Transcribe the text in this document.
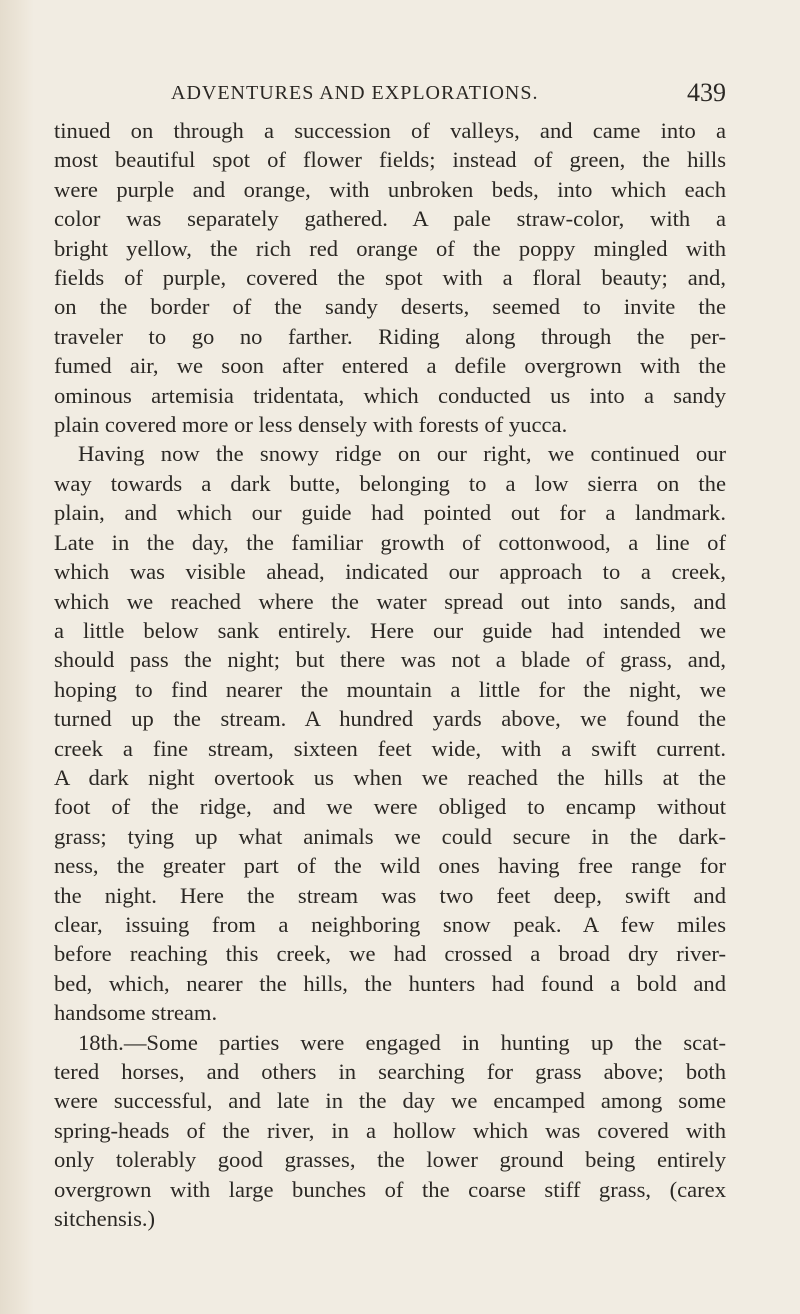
ADVENTURES AND EXPLORATIONS.	439
tinued on through a succession of valleys, and came into a
most beautiful spot of flower fields; instead of green, the hills
were purple and orange, with unbroken beds, into which each
color was separately gathered. A pale straw-color, with a
bright yellow, the rich red orange of the poppy mingled with
fields of purple, covered the spot with a floral beauty; and,
on the border of the sandy deserts, seemed to invite the
traveler to go no farther. Riding along through the per-
fumed air, we soon after entered a defile overgrown with the
ominous artemisia tridentata, which conducted us into a sandy
plain covered more or less densely with forests of yucca.
Having now the snowy ridge on our right, we continued our
way towards a dark butte, belonging to a low sierra on the
plain, and which our guide had pointed out for a landmark.
Late in the day, the familiar growth of cottonwood, a line of
which was visible ahead, indicated our approach to a creek,
which we reached where the water spread out into sands, and
a little below sank entirely. Here our guide had intended we
should pass the night; but there was not a blade of grass, and,
hoping to find nearer the mountain a little for the night, we
turned up the stream. A hundred yards above, we found the
creek a fine stream, sixteen feet wide, with a swift current.
A dark night overtook us when we reached the hills at the
foot of the ridge, and we were obliged to encamp without
grass; tying up what animals we could secure in the dark-
ness, the greater part of the wild ones having free range for
the night. Here the stream was two feet deep, swift and
clear, issuing from a neighboring snow peak. A few miles
before reaching this creek, we had crossed a broad dry river-
bed, which, nearer the hills, the hunters had found a bold and
handsome stream.
18th.—Some parties were engaged in hunting up the scat-
tered horses, and others in searching for grass above; both
were successful, and late in the day we encamped among some
spring-heads of the river, in a hollow which was covered with
only tolerably good grasses, the lower ground being entirely
overgrown with large bunches of the coarse stiff grass, (carex
sitchensis.)
